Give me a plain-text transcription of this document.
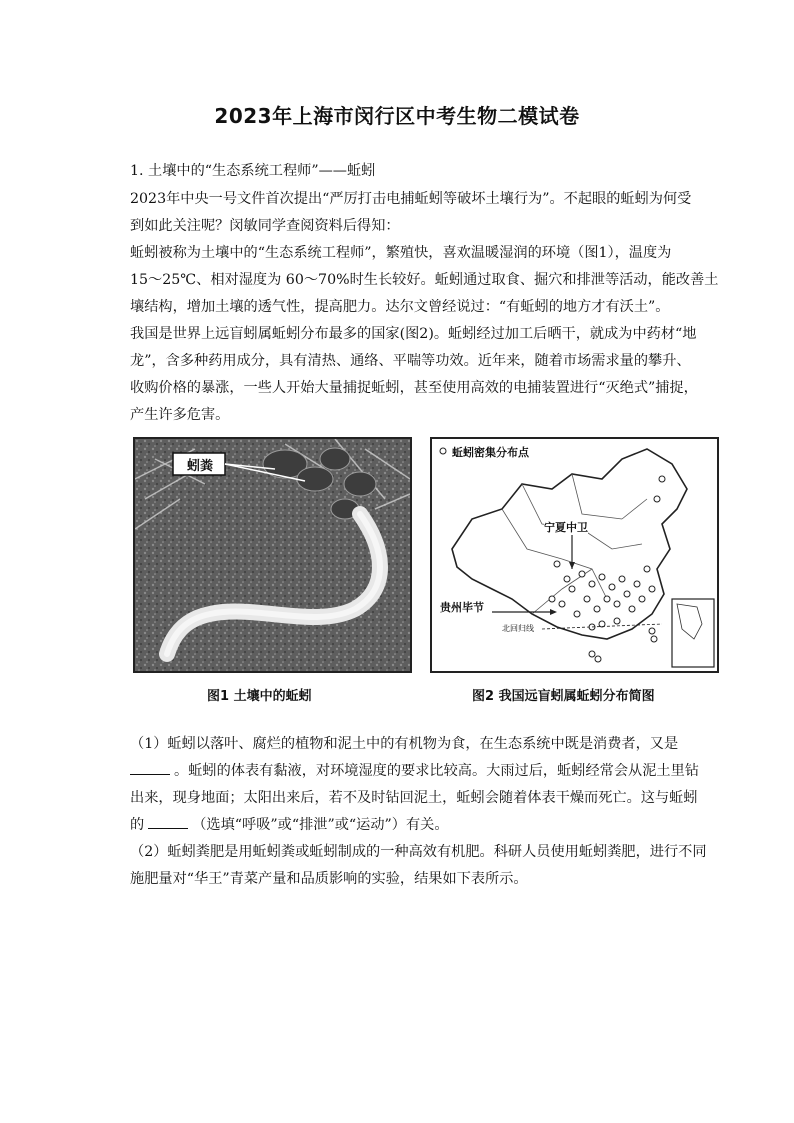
2023年上海市闵行区中考生物二模试卷
1. 土壤中的“生态系统工程师”——蚯蚓
2023年中央一号文件首次提出“严厉打击电捕蚯蚓等破坏土壤行为”。不起眼的蚯蚓为何受
到如此关注呢？闵敏同学查阅资料后得知：
蚯蚓被称为土壤中的“生态系统工程师”，繁殖快，喜欢温暖湿润的环境（图1），温度为
15～25℃、相对湿度为 60～70%时生长较好。蚯蚓通过取食、掘穴和排泄等活动，能改善土
壤结构，增加土壤的透气性，提高肥力。达尔文曾经说过：“有蚯蚓的地方才有沃土”。
我国是世界上远盲蚓属蚯蚓分布最多的国家(图2)。蚯蚓经过加工后晒干，就成为中药材“地
龙”，含多种药用成分，具有清热、通络、平喘等功效。近年来，随着市场需求量的攀升、
收购价格的暴涨，一些人开始大量捕捉蚯蚓，甚至使用高效的电捕装置进行“灭绝式”捕捉，
产生许多危害。
蚓粪
图1 土壤中的蚯蚓
蚯蚓密集分布点
宁夏中卫
贵州毕节
北回归线
图2 我国远盲蚓属蚯蚓分布简图
（1）蚯蚓以落叶、腐烂的植物和泥土中的有机物为食，在生态系统中既是消费者，又是
。蚯蚓的体表有黏液，对环境湿度的要求比较高。大雨过后，蚯蚓经常会从泥土里钻
出来，现身地面；太阳出来后，若不及时钻回泥土，蚯蚓会随着体表干燥而死亡。这与蚯蚓
的	（选填“呼吸”或“排泄”或“运动”）有关。
（2）蚯蚓粪肥是用蚯蚓粪或蚯蚓制成的一种高效有机肥。科研人员使用蚯蚓粪肥，进行不同
施肥量对“华王”青菜产量和品质影响的实验，结果如下表所示。
